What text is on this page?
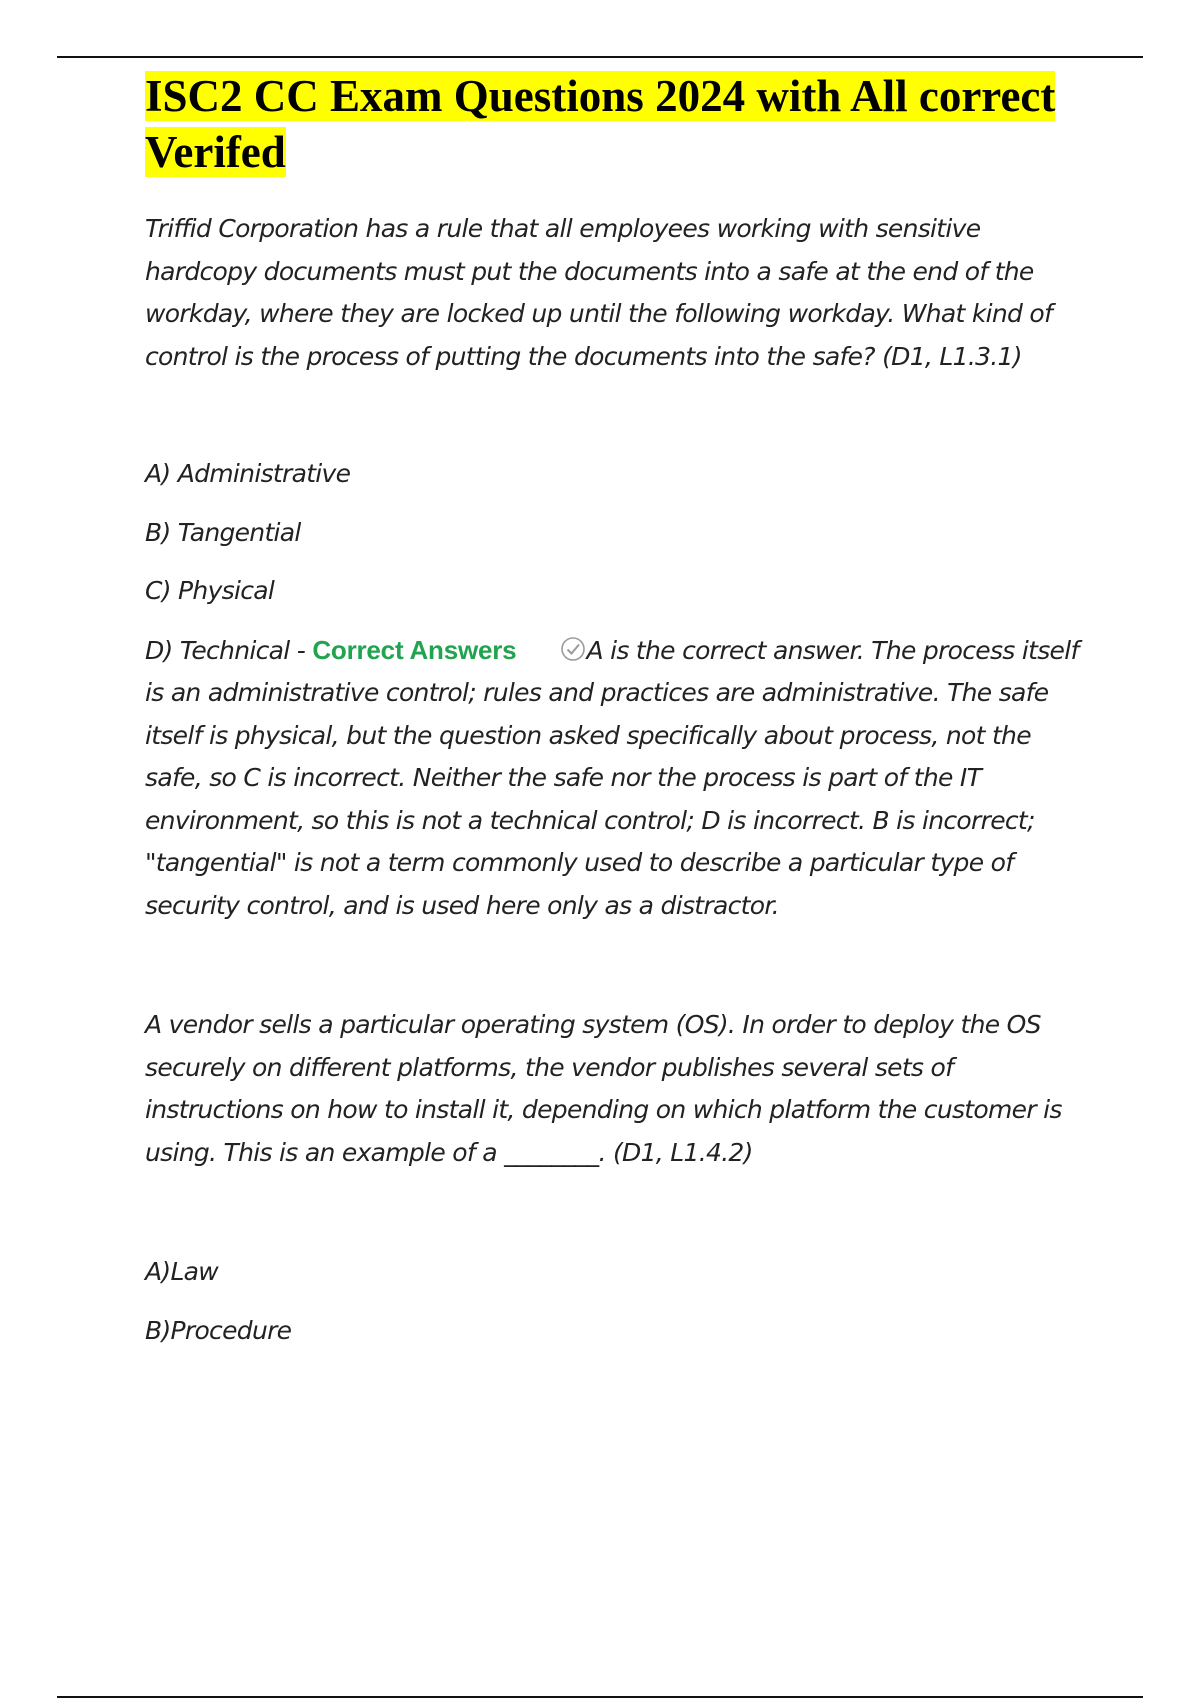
ISC2 CC Exam Questions 2024 with All correct Verifed

Triffid Corporation has a rule that all employees working with sensitive hardcopy documents must put the documents into a safe at the end of the workday, where they are locked up until the following workday. What kind of control is the process of putting the documents into the safe? (D1, L1.3.1)

A) Administrative

B) Tangential

C) Physical

D) Technical - Correct Answers	A is the correct answer. The process itself is an administrative control; rules and practices are administrative. The safe itself is physical, but the question asked specifically about process, not the safe, so C is incorrect. Neither the safe nor the process is part of the IT environment, so this is not a technical control; D is incorrect. B is incorrect; "tangential" is not a term commonly used to describe a particular type of security control, and is used here only as a distractor.

A vendor sells a particular operating system (OS). In order to deploy the OS securely on different platforms, the vendor publishes several sets of instructions on how to install it, depending on which platform the customer is using. This is an example of a ________. (D1, L1.4.2)

A)Law

B)Procedure
